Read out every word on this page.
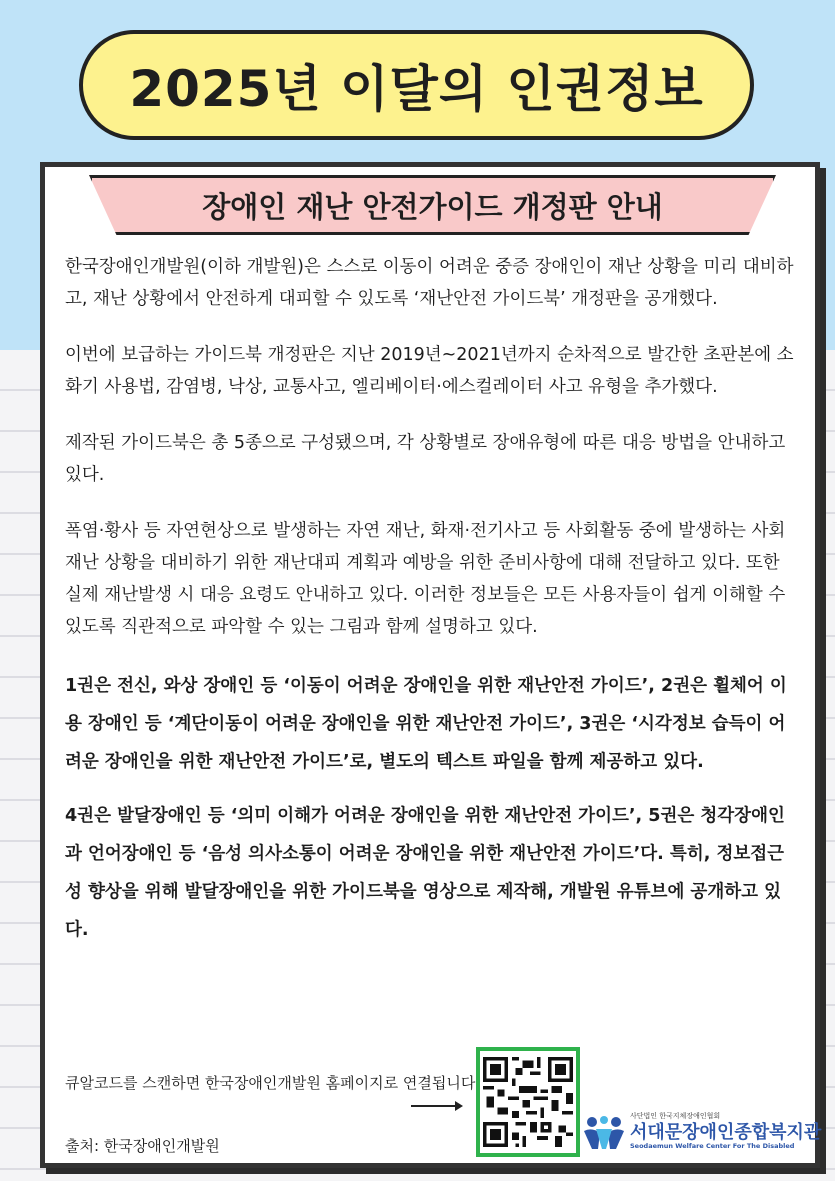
2025년 이달의 인권정보
장애인 재난 안전가이드 개정판 안내

한국장애인개발원(이하 개발원)은 스스로 이동이 어려운 중증 장애인이 재난 상황을 미리 대비하고, 재난 상황에서 안전하게 대피할 수 있도록 ‘재난안전 가이드북’ 개정판을 공개했다.

이번에 보급하는 가이드북 개정판은 지난 2019년~2021년까지 순차적으로 발간한 초판본에 소화기 사용법, 감염병, 낙상, 교통사고, 엘리베이터·에스컬레이터 사고 유형을 추가했다.

제작된 가이드북은 총 5종으로 구성됐으며, 각 상황별로 장애유형에 따른 대응 방법을 안내하고 있다.

폭염·황사 등 자연현상으로 발생하는 자연 재난, 화재·전기사고 등 사회활동 중에 발생하는 사회 재난 상황을 대비하기 위한 재난대피 계획과 예방을 위한 준비사항에 대해 전달하고 있다. 또한 실제 재난발생 시 대응 요령도 안내하고 있다. 이러한 정보들은 모든 사용자들이 쉽게 이해할 수 있도록 직관적으로 파악할 수 있는 그림과 함께 설명하고 있다.

1권은 전신, 와상 장애인 등 ‘이동이 어려운 장애인을 위한 재난안전 가이드’, 2권은 휠체어 이용 장애인 등 ‘계단이동이 어려운 장애인을 위한 재난안전 가이드’, 3권은 ‘시각정보 습득이 어려운 장애인을 위한 재난안전 가이드’로, 별도의 텍스트 파일을 함께 제공하고 있다.

4권은 발달장애인 등 ‘의미 이해가 어려운 장애인을 위한 재난안전 가이드’, 5권은 청각장애인과 언어장애인 등 ‘음성 의사소통이 어려운 장애인을 위한 재난안전 가이드’다. 특히, 정보접근성 향상을 위해 발달장애인을 위한 가이드북을 영상으로 제작해, 개발원 유튜브에 공개하고 있다.

큐알코드를 스캔하면 한국장애인개발원 홈페이지로 연결됩니다
출처: 한국장애인개발원
사단법인 한국지체장애인협회
서대문장애인종합복지관
Seodaemun Welfare Center For The Disabled
